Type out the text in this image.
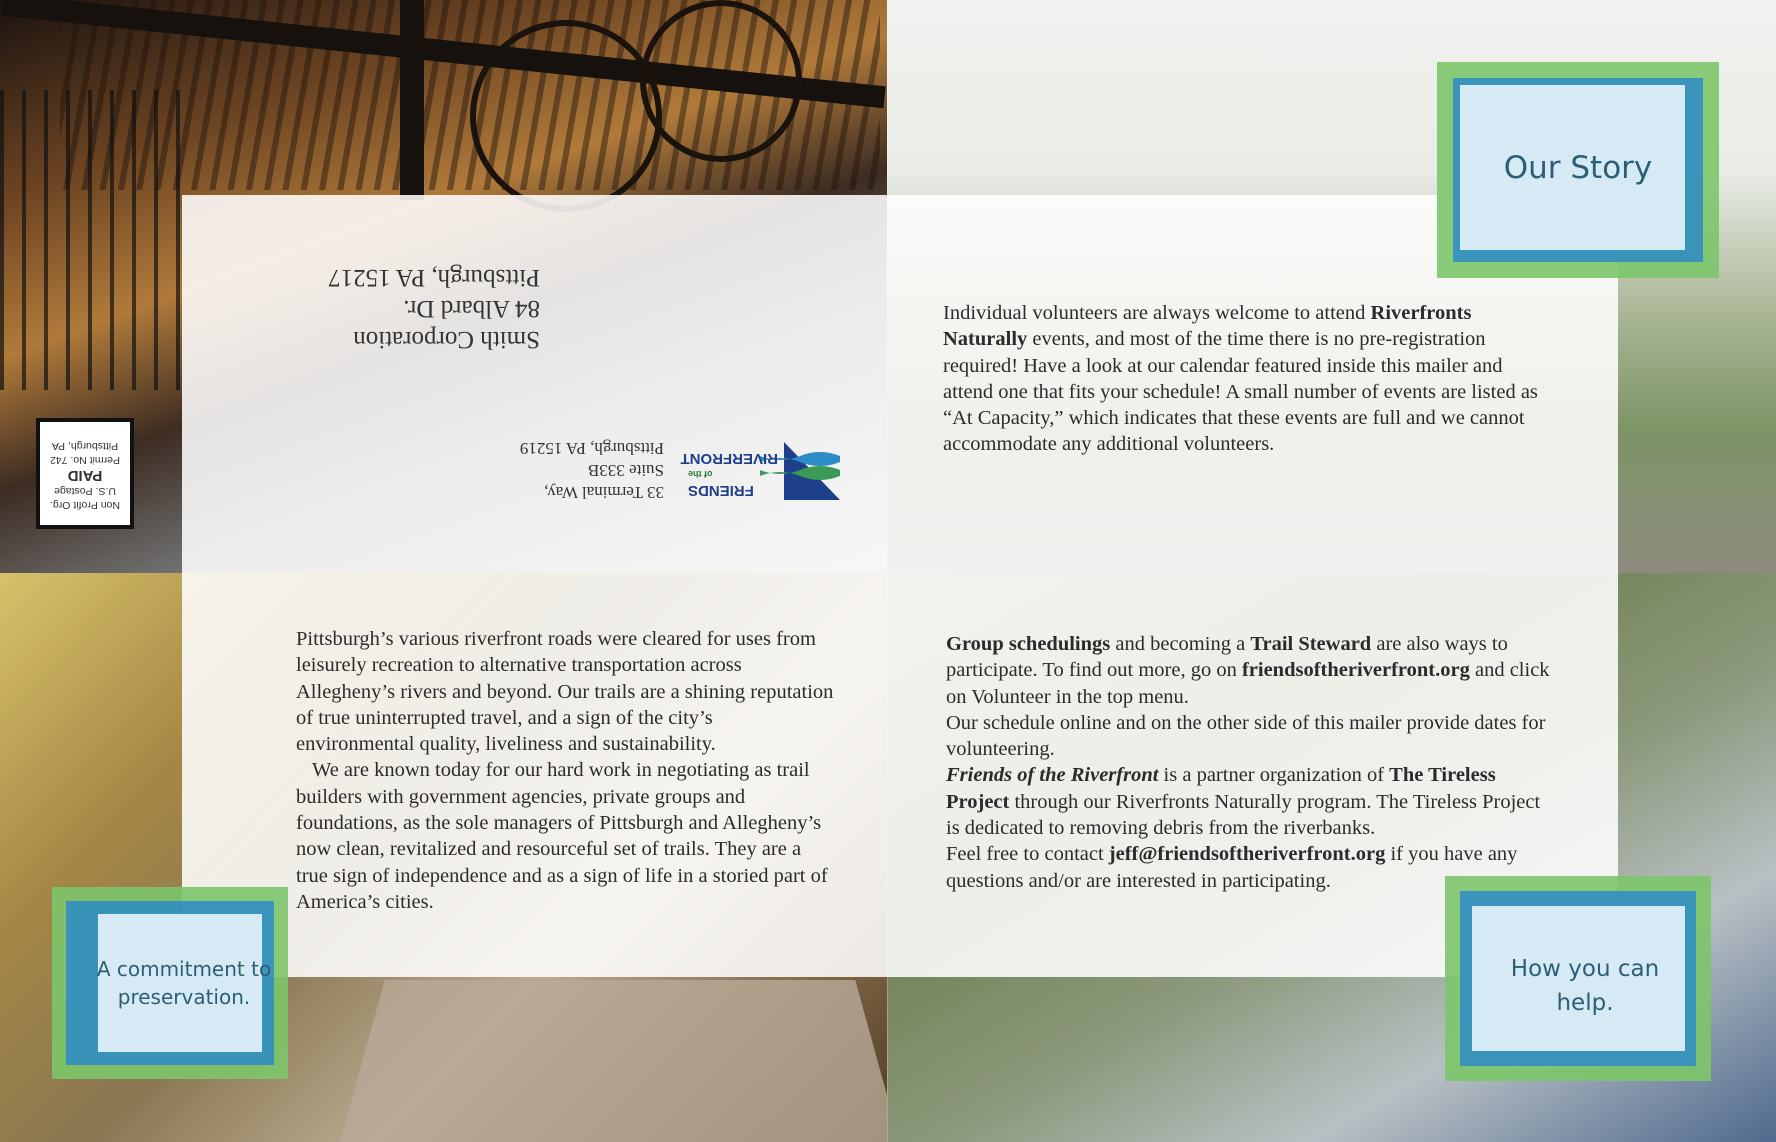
Smith Corporation
84 Albard Dr.
Pittsburgh, PA 15217
33 Terminal Way,
Suite 333B
Pittsburgh, PA 15219
FRIENDS
of the
RIVERFRONT
Non Profit Org.
U.S. Postage
PAID
Permit No. 742
Pittsburgh, PA
Individual volunteers are always welcome to attend Riverfronts Naturally events, and most of the time there is no pre-registration required! Have a look at our calendar featured inside this mailer and attend one that fits your schedule! A small number of events are listed as “At Capacity,” which indicates that these events are full and we cannot accommodate any additional volunteers.

Pittsburgh’s various riverfront roads were cleared for uses from leisurely recreation to alternative transportation across Allegheny’s rivers and beyond. Our trails are a shining reputation of true uninterrupted travel, and a sign of the city’s environmental quality, liveliness and sustainability.

We are known today for our hard work in negotiating as trail builders with government agencies, private groups and foundations, as the sole managers of Pittsburgh and Allegheny’s now clean, revitalized and resourceful set of trails. They are a true sign of independence and as a sign of life in a storied part of America’s cities.

Group schedulings and becoming a Trail Steward are also ways to participate. To find out more, go on friendsoftheriverfront.org and click on Volunteer in the top menu.

Our schedule online and on the other side of this mailer provide dates for volunteering.

Friends of the Riverfront is a partner organization of The Tireless Project through our Riverfronts Naturally program. The Tireless Project is dedicated to removing debris from the riverbanks.

Feel free to contact jeff@friendsoftheriverfront.org if you have any questions and/or are interested in participating.

Our Story
A commitment to preservation.
How you can help.
